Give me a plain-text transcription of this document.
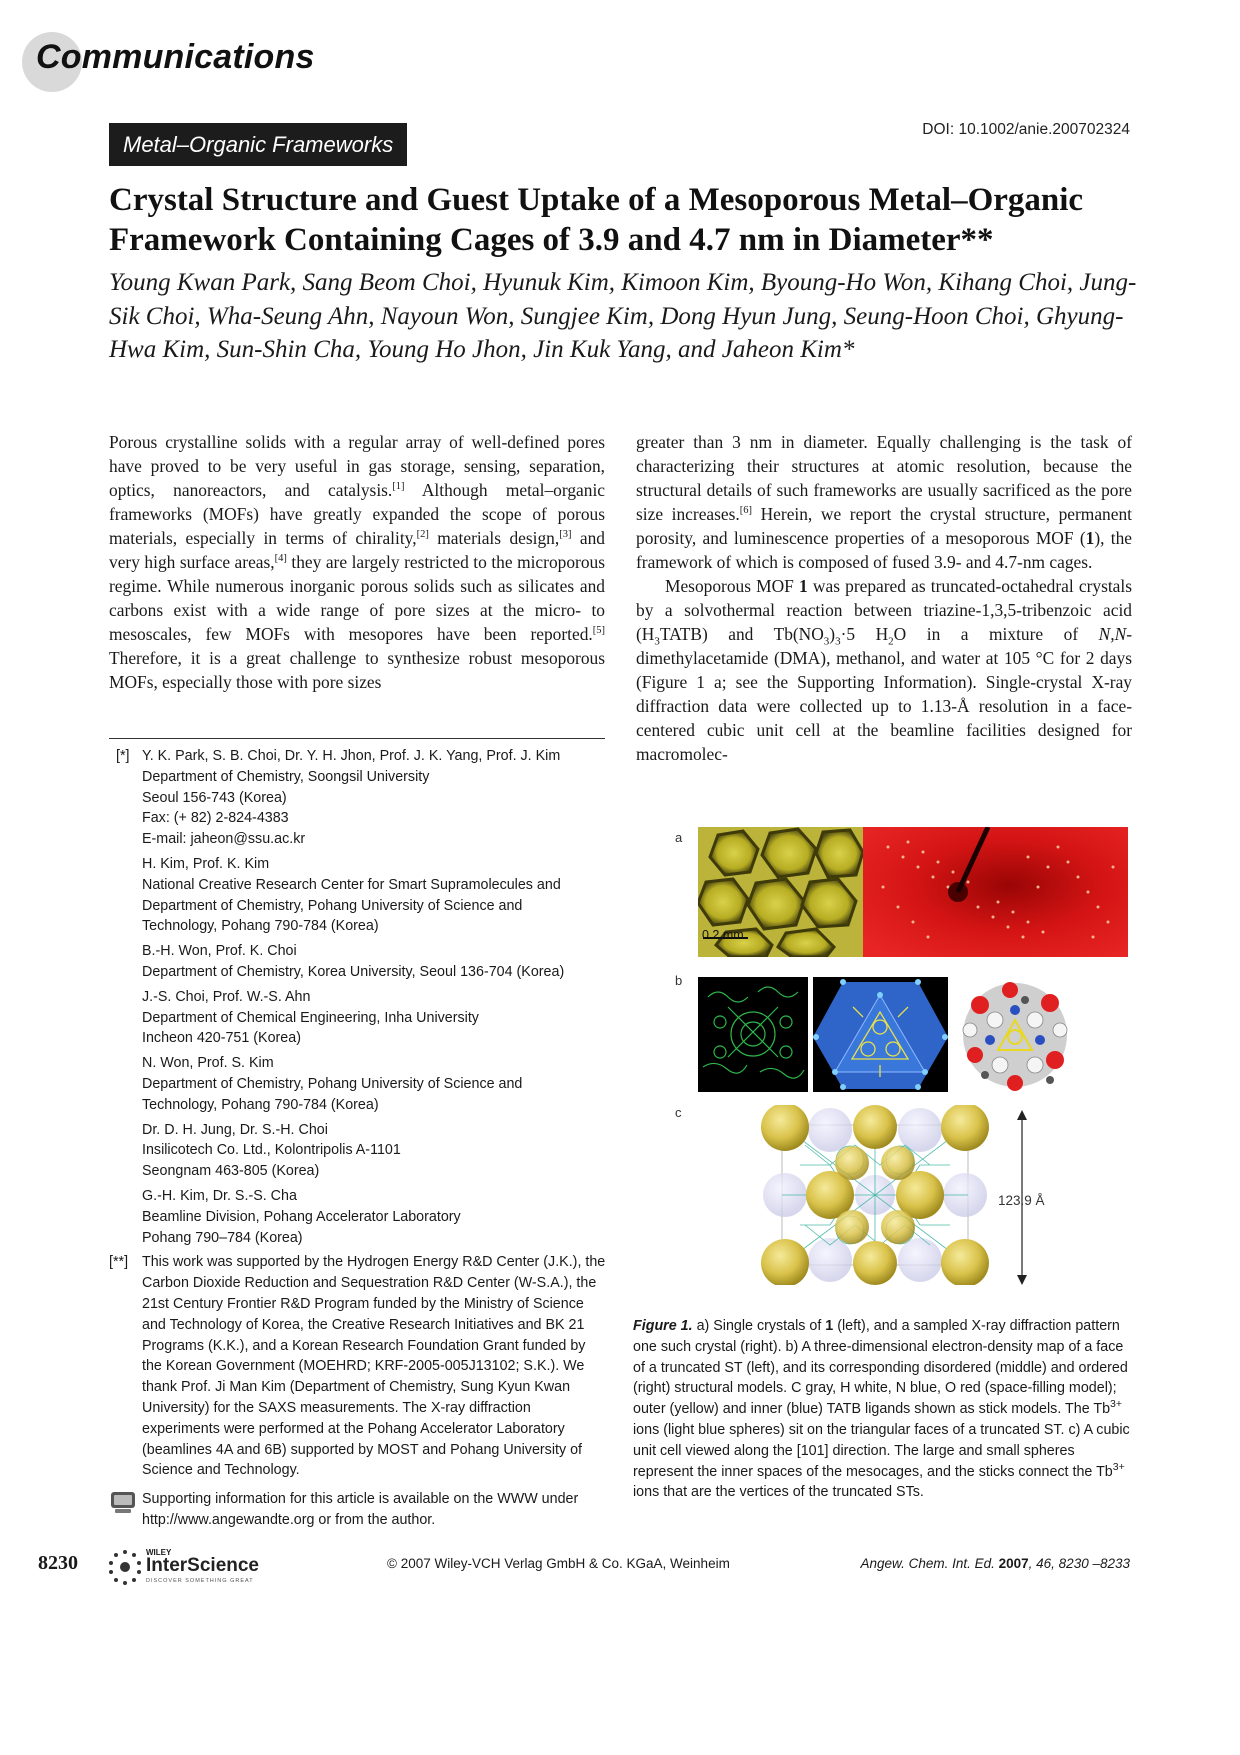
Communications
Metal–Organic Frameworks
DOI: 10.1002/anie.200702324
Crystal Structure and Guest Uptake of a Mesoporous Metal–Organic Framework Containing Cages of 3.9 and 4.7 nm in Diameter**
Young Kwan Park, Sang Beom Choi, Hyunuk Kim, Kimoon Kim, Byoung-Ho Won, Kihang Choi, Jung-Sik Choi, Wha-Seung Ahn, Nayoun Won, Sungjee Kim, Dong Hyun Jung, Seung-Hoon Choi, Ghyung-Hwa Kim, Sun-Shin Cha, Young Ho Jhon, Jin Kuk Yang, and Jaheon Kim*

Porous crystalline solids with a regular array of well-defined pores have proved to be very useful in gas storage, sensing, separation, optics, nanoreactors, and catalysis.[1] Although metal–organic frameworks (MOFs) have greatly expanded the scope of porous materials, especially in terms of chirality,[2] materials design,[3] and very high surface areas,[4] they are largely restricted to the microporous regime. While numerous inorganic porous solids such as silicates and carbons exist with a wide range of pore sizes at the micro- to mesoscales, few MOFs with mesopores have been reported.[5] Therefore, it is a great challenge to synthesize robust mesoporous MOFs, especially those with pore sizes

greater than 3 nm in diameter. Equally challenging is the task of characterizing their structures at atomic resolution, because the structural details of such frameworks are usually sacrificed as the pore size increases.[6] Herein, we report the crystal structure, permanent porosity, and luminescence properties of a mesoporous MOF (1), the framework of which is composed of fused 3.9- and 4.7-nm cages.

Mesoporous MOF 1 was prepared as truncated-octahedral crystals by a solvothermal reaction between triazine-1,3,5-tribenzoic acid $(H_3TATB)$ and $Tb(NO_3)_3\cdot 5$ $H_2O$ in a mixture of N,N-dimethylacetamide (DMA), methanol, and water at 105 °C for 2 days (Figure 1 a; see the Supporting Information). Single-crystal X-ray diffraction data were collected up to 1.13-Å resolution in a face-centered cubic unit cell at the beamline facilities designed for macromolec-

[*] Y. K. Park, S. B. Choi, Dr. Y. H. Jhon, Prof. J. K. Yang, Prof. J. Kim
Department of Chemistry, Soongsil University
Seoul 156-743 (Korea)
Fax: (+ 82) 2-824-4383
E-mail: jaheon@ssu.ac.kr
H. Kim, Prof. K. Kim
National Creative Research Center for Smart Supramolecules and
Department of Chemistry, Pohang University of Science and
Technology, Pohang 790-784 (Korea)
B.-H. Won, Prof. K. Choi
Department of Chemistry, Korea University, Seoul 136-704 (Korea)
J.-S. Choi, Prof. W.-S. Ahn
Department of Chemical Engineering, Inha University
Incheon 420-751 (Korea)
N. Won, Prof. S. Kim
Department of Chemistry, Pohang University of Science and
Technology, Pohang 790-784 (Korea)
Dr. D. H. Jung, Dr. S.-H. Choi
Insilicotech Co. Ltd., Kolontripolis A-1101
Seongnam 463-805 (Korea)
G.-H. Kim, Dr. S.-S. Cha
Beamline Division, Pohang Accelerator Laboratory
Pohang 790–784 (Korea)
[**] This work was supported by the Hydrogen Energy R&D Center (J.K.), the Carbon Dioxide Reduction and Sequestration R&D Center (W-S.A.), the 21st Century Frontier R&D Program funded by the Ministry of Science and Technology of Korea, the Creative Research Initiatives and BK 21 Programs (K.K.), and a Korean Research Foundation Grant funded by the Korean Government (MOEHRD; KRF-2005-005J13102; S.K.). We thank Prof. Ji Man Kim (Department of Chemistry, Sung Kyun Kwan University) for the SAXS measurements. The X-ray diffraction experiments were performed at the Pohang Accelerator Laboratory (beamlines 4A and 6B) supported by MOST and Pohang University of Science and Technology.
Supporting information for this article is available on the WWW under http://www.angewandte.org or from the author.
a
0.2 mm
b
c
123.9 Å
Figure 1. a) Single crystals of 1 (left), and a sampled X-ray diffraction pattern one such crystal (right). b) A three-dimensional electron-density map of a face of a truncated ST (left), and its corresponding disordered (middle) and ordered (right) structural models. C gray, H white, N blue, O red (space-filling model); outer (yellow) and inner (blue) TATB ligands shown as stick models. The $Tb^{3+}$ ions (light blue spheres) sit on the triangular faces of a truncated ST. c) A cubic unit cell viewed along the [101] direction. The large and small spheres represent the inner spaces of the mesocages, and the sticks connect the $Tb^{3+}$ ions that are the vertices of the truncated STs.
8230	WILEY
InterScience
DISCOVER SOMETHING GREAT
© 2007 Wiley-VCH Verlag GmbH & Co. KGaA, Weinheim	Angew. Chem. Int. Ed. 2007, 46, 8230 –8233
